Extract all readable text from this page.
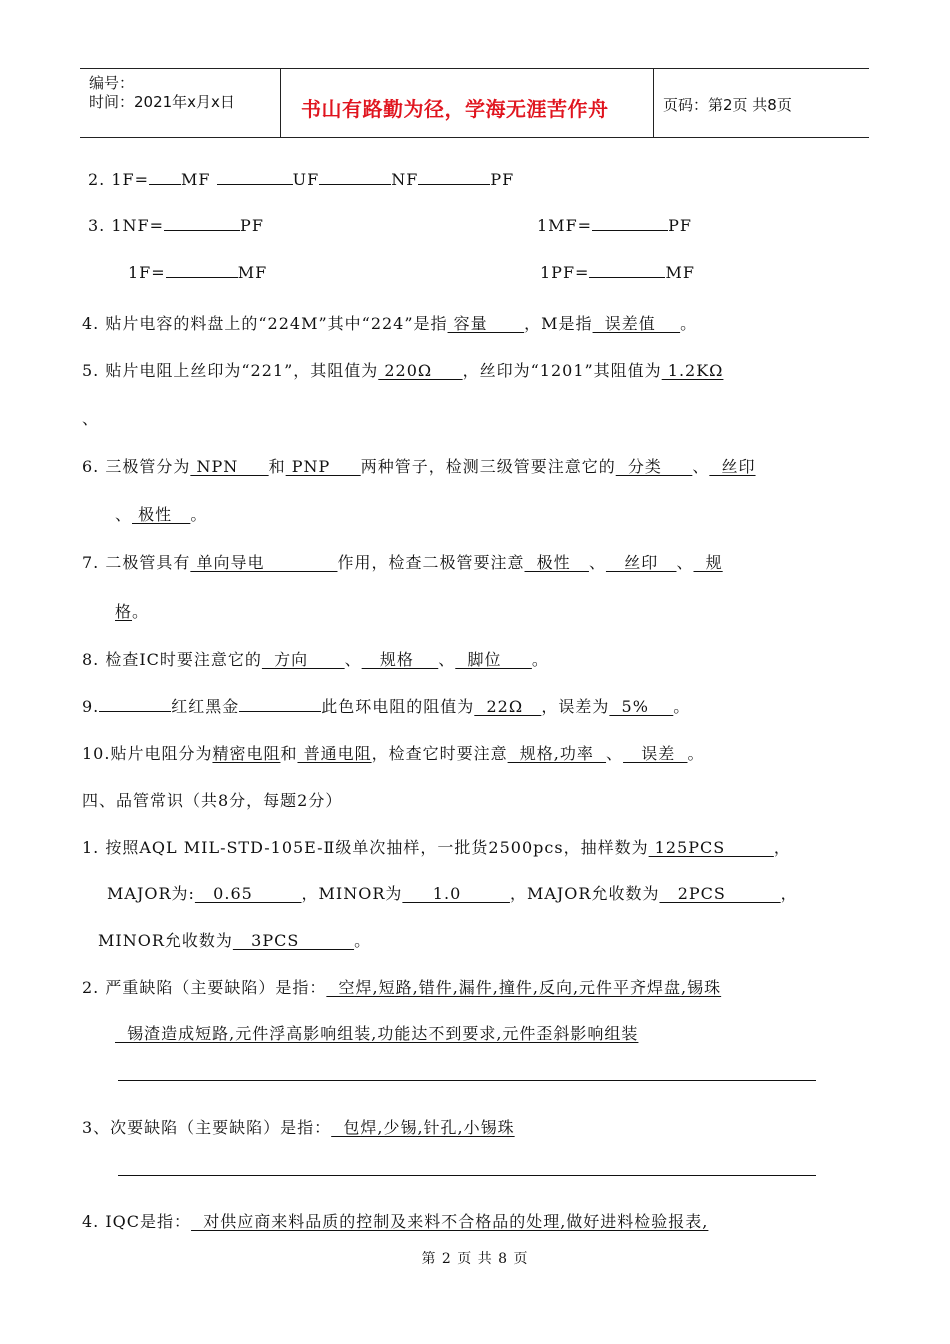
编号：
时间：2021年x月x日	书山有路勤为径，学海无涯苦作舟	页码：第2页 共8页
2. 1F= MF	UF	NF	PF
3. 1NF=	PF	1MF=	PF
1F=	MF	1PF=	MF
4. 贴片电容的料盘上的“224M”其中“224”是指 容量      ，M是指  误差值    。
5. 贴片电阻上丝印为“221”，其阻值为 220Ω     ，丝印为“1201”其阻值为 1.2KΩ
、
6. 三极管分为 NPN     和 PNP     两种管子，检测三级管要注意它的  分类     、  丝印
、 极性   。
7. 二极管具有 单向导电            作用，检查二极管要注意  极性   、   丝印   、  规
格。
8. 检查IC时要注意它的  方向      、   规格    、  脚位     。
9.	红红黑金	此色环电阻的阻值为  22Ω   ，误差为  5%    。
10.贴片电阻分为精密电阻和 普通电阻，检查它时要注意  规格,功率  、   误差  。
四、品管常识（共8分，每题2分）
1. 按照AQL MIL-STD-105E-Ⅱ级单次抽样，一批货2500pcs，抽样数为 125PCS        ，
MAJOR为:   0.65        ，MINOR为     1.0        ，MAJOR允收数为   2PCS         ，
MINOR允收数为   3PCS         。
2. 严重缺陷（主要缺陷）是指：  空焊,短路,错件,漏件,撞件,反向,元件平齐焊盘,锡珠
锡渣造成短路,元件浮高影响组装,功能达不到要求,元件歪斜影响组装
3、次要缺陷（主要缺陷）是指：  包焊,少锡,针孔,小锡珠
4. IQC是指：  对供应商来料品质的控制及来料不合格品的处理,做好进料检验报表,
第 2 页 共 8 页
